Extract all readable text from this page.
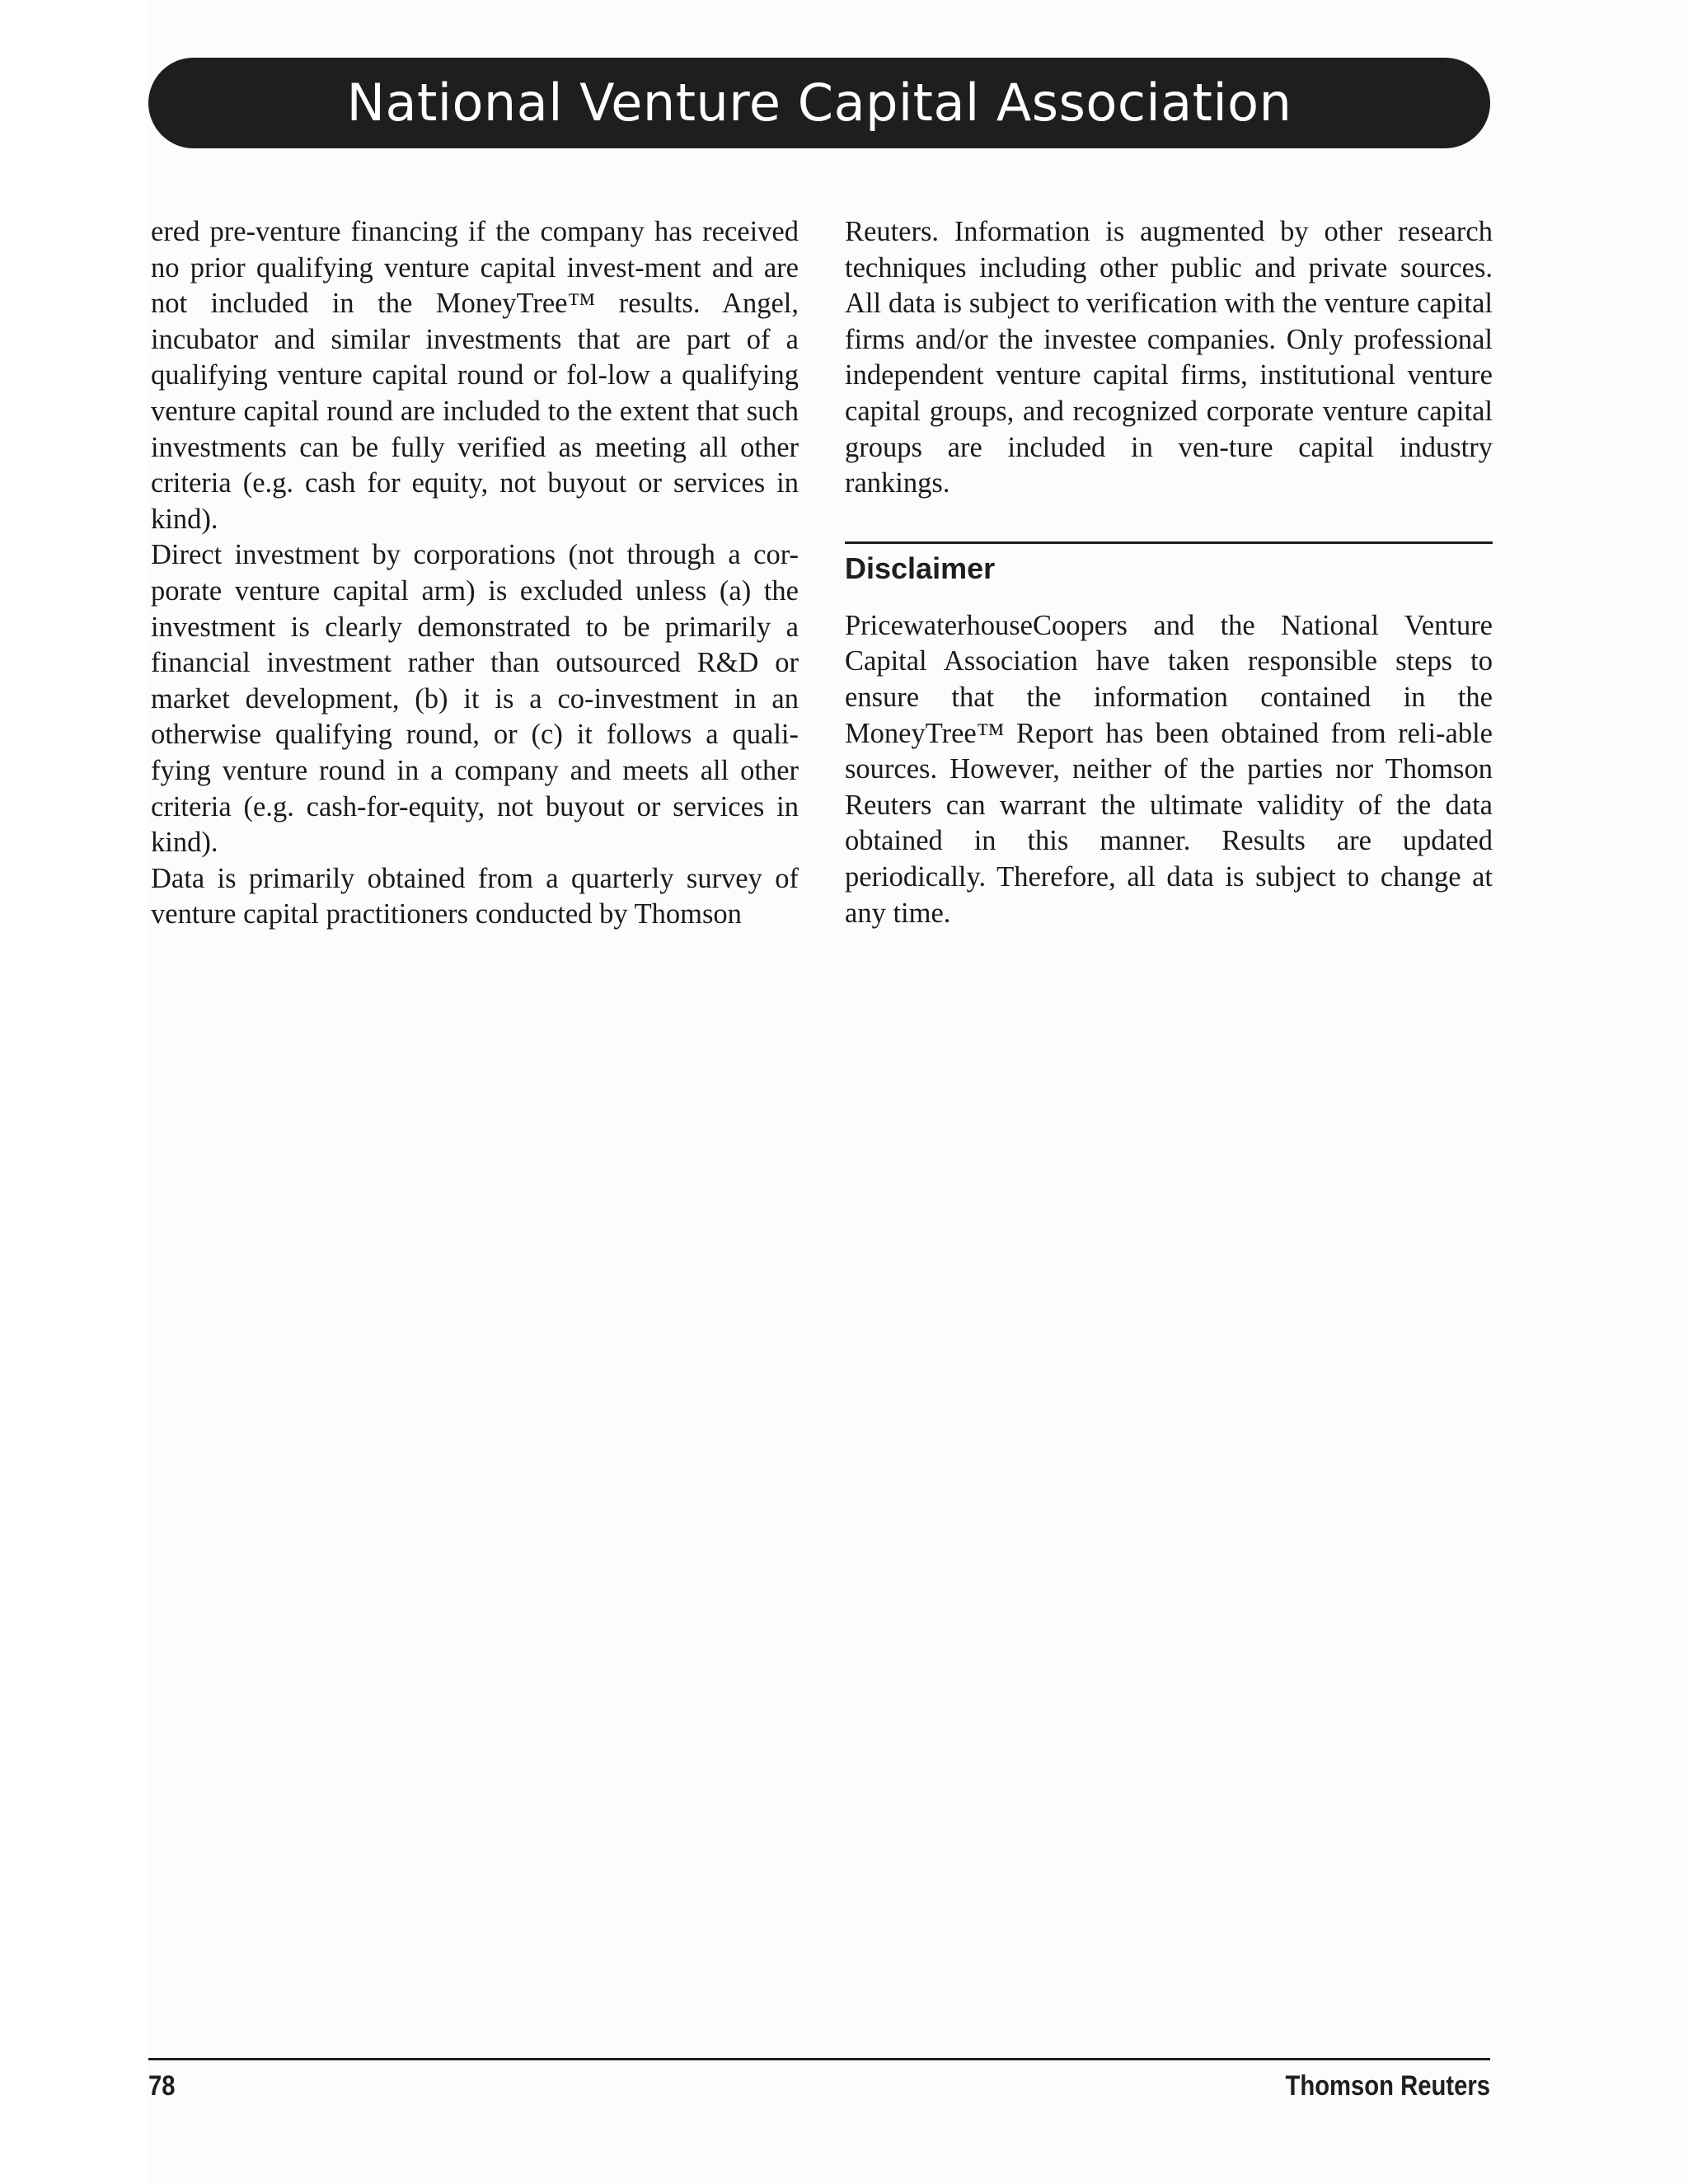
National Venture Capital Association

ered pre-venture financing if the company has received no prior qualifying venture capital invest-ment and are not included in the MoneyTree™ results. Angel, incubator and similar investments that are part of a qualifying venture capital round or fol-low a qualifying venture capital round are included to the extent that such investments can be fully verified as meeting all other criteria (e.g. cash for equity, not buyout or services in kind).

Direct investment by corporations (not through a cor-porate venture capital arm) is excluded unless (a) the investment is clearly demonstrated to be primarily a financial investment rather than outsourced R&D or market development, (b) it is a co-investment in an otherwise qualifying round, or (c) it follows a quali-fying venture round in a company and meets all other criteria (e.g. cash-for-equity, not buyout or services in kind).

Data is primarily obtained from a quarterly survey of venture capital practitioners conducted by Thomson

Reuters. Information is augmented by other research techniques including other public and private sources. All data is subject to verification with the venture capital firms and/or the investee companies. Only professional independent venture capital firms, institutional venture capital groups, and recognized corporate venture capital groups are included in ven-ture capital industry rankings.

Disclaimer

PricewaterhouseCoopers and the National Venture Capital Association have taken responsible steps to ensure that the information contained in the MoneyTree™ Report has been obtained from reli-able sources. However, neither of the parties nor Thomson Reuters can warrant the ultimate validity of the data obtained in this manner. Results are updated periodically. Therefore, all data is subject to change at any time.

78	Thomson Reuters
